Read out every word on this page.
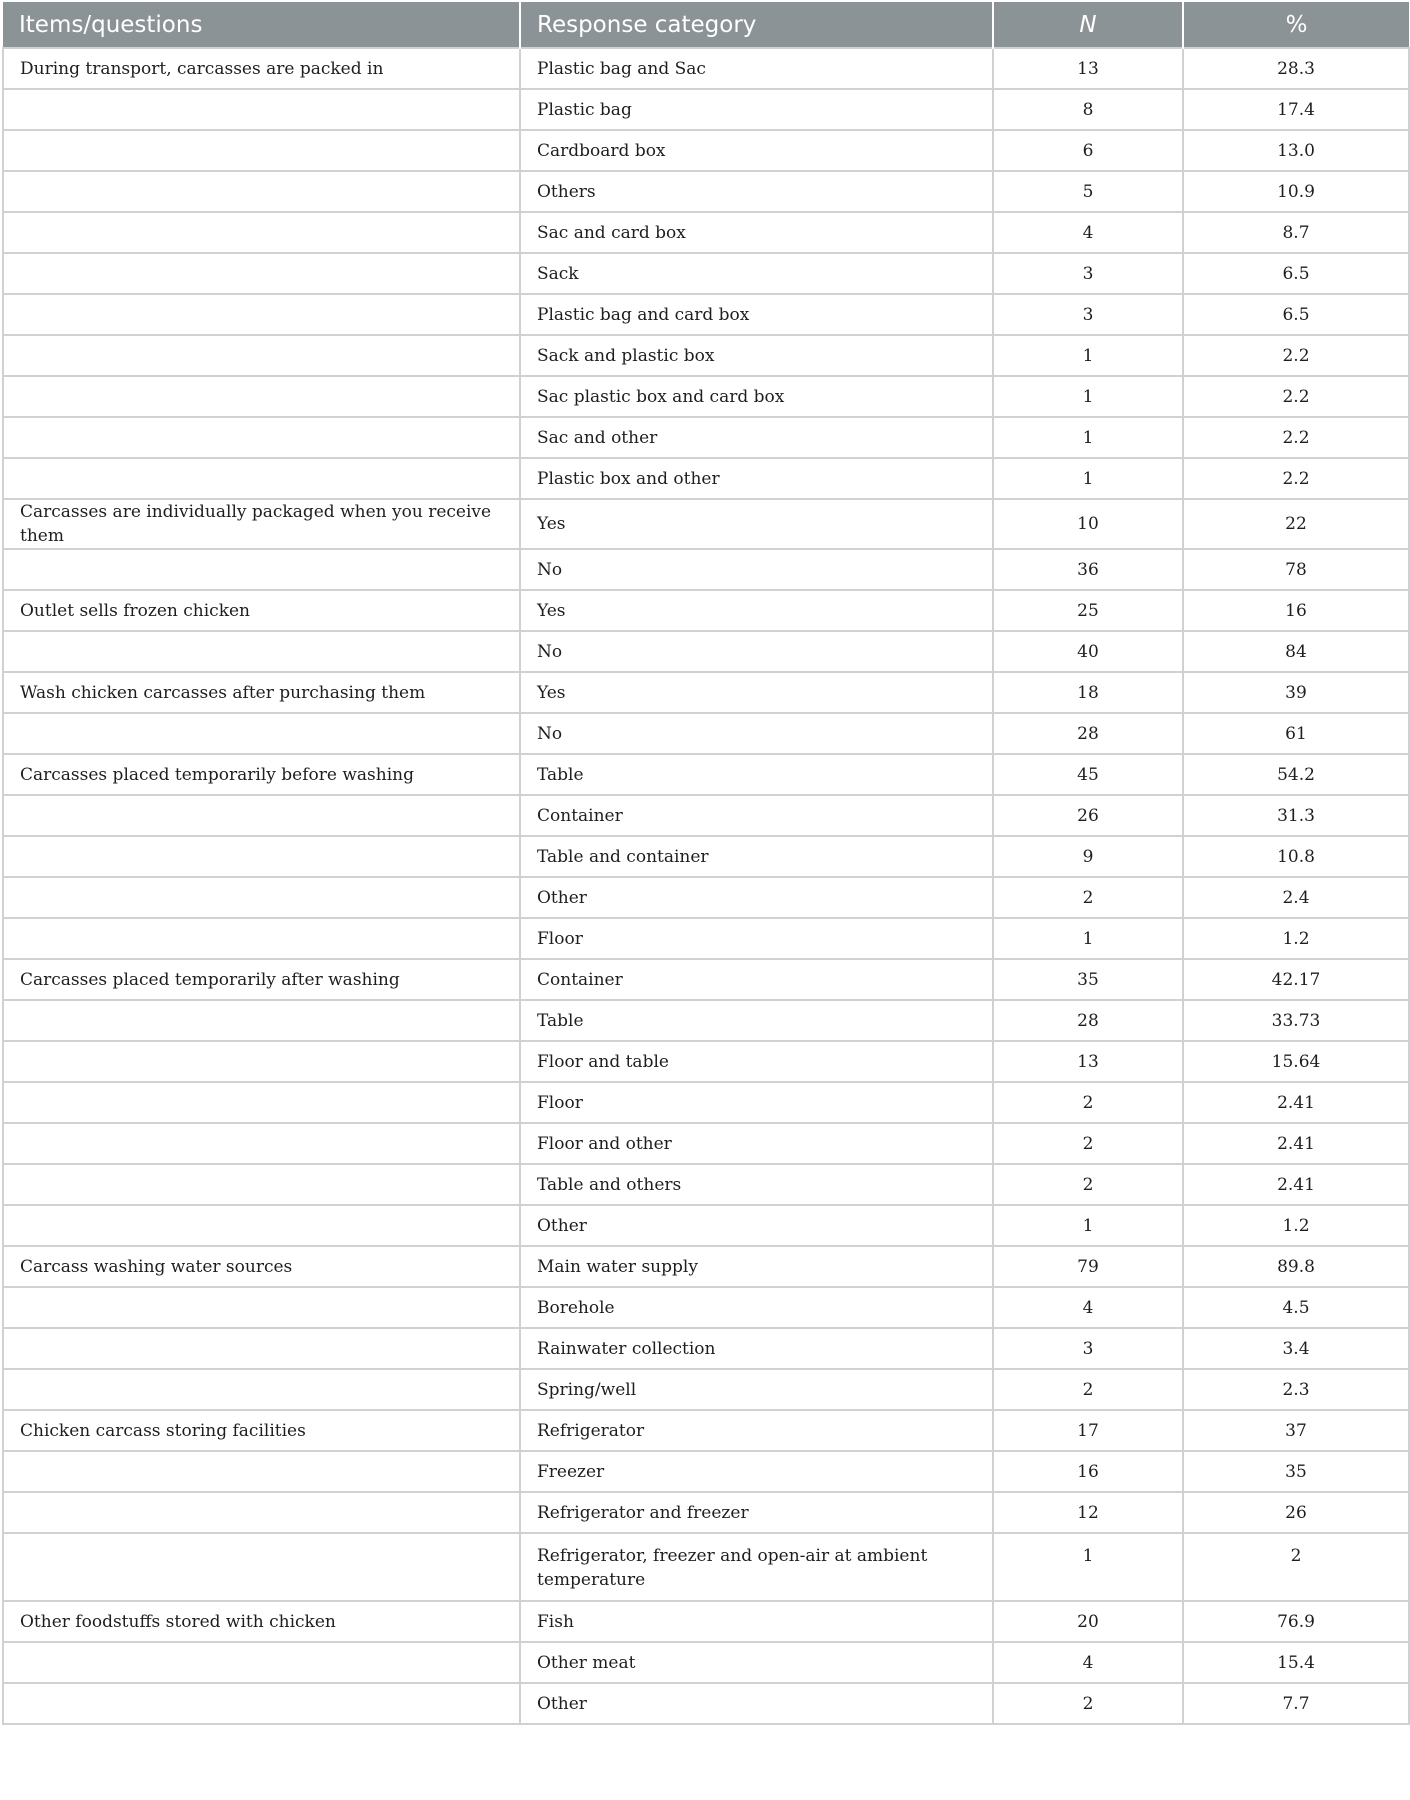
Items/questions	Response category	N	%
During transport, carcasses are packed in	Plastic bag and Sac	13	28.3
	Plastic bag	8	17.4
	Cardboard box	6	13.0
	Others	5	10.9
	Sac and card box	4	8.7
	Sack	3	6.5
	Plastic bag and card box	3	6.5
	Sack and plastic box	1	2.2
	Sac plastic box and card box	1	2.2
	Sac and other	1	2.2
	Plastic box and other	1	2.2
Carcasses are individually packaged when you receive them	Yes	10	22
	No	36	78
Outlet sells frozen chicken	Yes	25	16
	No	40	84
Wash chicken carcasses after purchasing them	Yes	18	39
	No	28	61
Carcasses placed temporarily before washing	Table	45	54.2
	Container	26	31.3
	Table and container	9	10.8
	Other	2	2.4
	Floor	1	1.2
Carcasses placed temporarily after washing	Container	35	42.17
	Table	28	33.73
	Floor and table	13	15.64
	Floor	2	2.41
	Floor and other	2	2.41
	Table and others	2	2.41
	Other	1	1.2
Carcass washing water sources	Main water supply	79	89.8
	Borehole	4	4.5
	Rainwater collection	3	3.4
	Spring/well	2	2.3
Chicken carcass storing facilities	Refrigerator	17	37
	Freezer	16	35
	Refrigerator and freezer	12	26
	Refrigerator, freezer and open-air at ambient temperature	1	2
Other foodstuffs stored with chicken	Fish	20	76.9
	Other meat	4	15.4
	Other	2	7.7
